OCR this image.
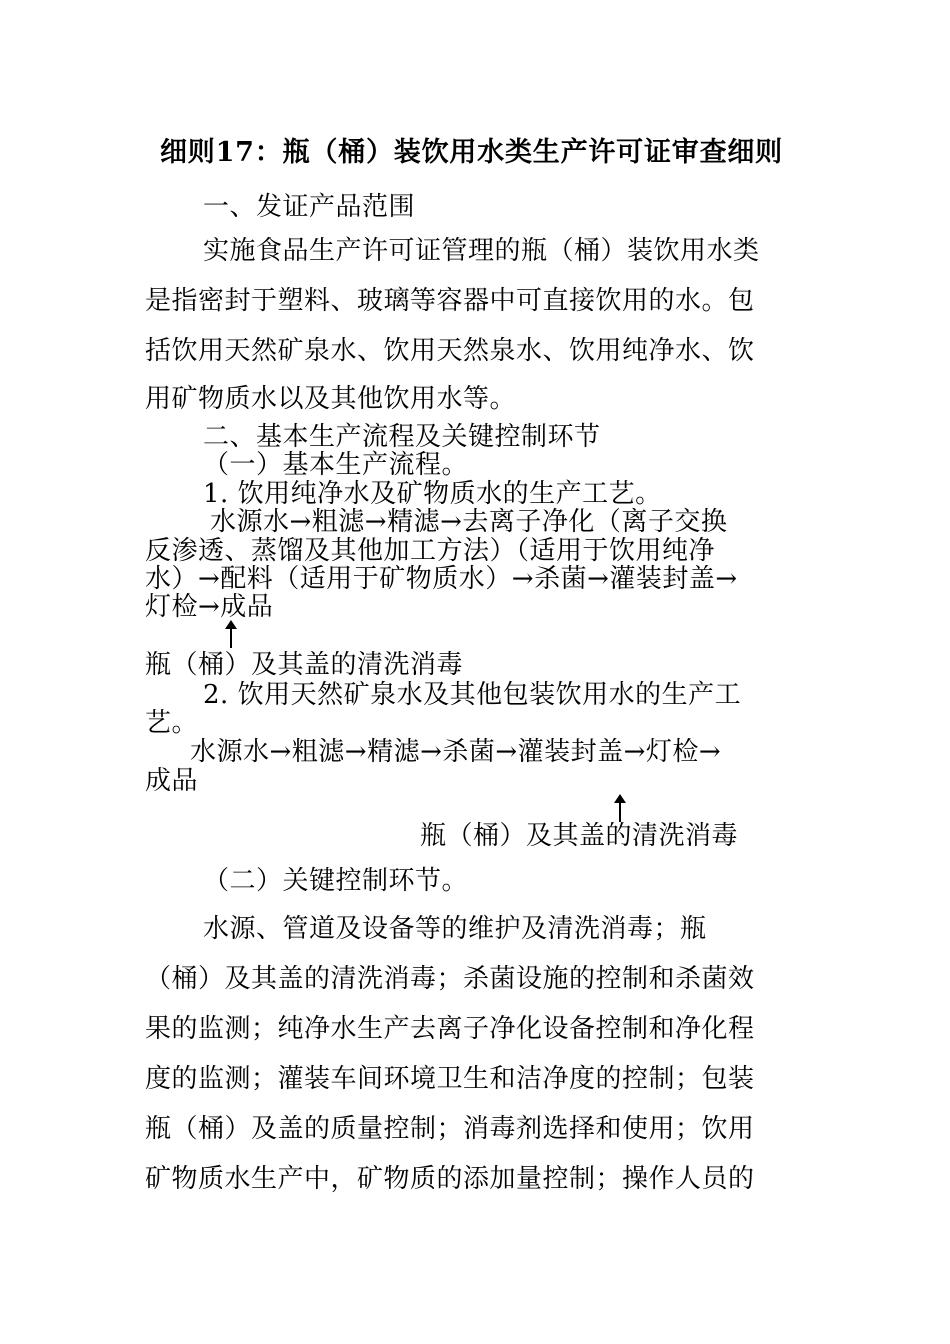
细则17：瓶（桶）装饮用水类生产许可证审查细则
一、发证产品范围
实施食品生产许可证管理的瓶（桶）装饮用水类
是指密封于塑料、玻璃等容器中可直接饮用的水。包
括饮用天然矿泉水、饮用天然泉水、饮用纯净水、饮
用矿物质水以及其他饮用水等。
二、基本生产流程及关键控制环节
（一）基本生产流程。
1. 饮用纯净水及矿物质水的生产工艺。
水源水→粗滤→精滤→去离子净化（离子交换
反渗透、蒸馏及其他加工方法）（适用于饮用纯净
水）→配料（适用于矿物质水）→杀菌→灌装封盖→
灯检→成品
瓶（桶）及其盖的清洗消毒
2. 饮用天然矿泉水及其他包装饮用水的生产工
艺。
水源水→粗滤→精滤→杀菌→灌装封盖→灯检→
成品
瓶（桶）及其盖的清洗消毒
（二）关键控制环节。
水源、管道及设备等的维护及清洗消毒；瓶
（桶）及其盖的清洗消毒；杀菌设施的控制和杀菌效
果的监测；纯净水生产去离子净化设备控制和净化程
度的监测；灌装车间环境卫生和洁净度的控制；包装
瓶（桶）及盖的质量控制；消毒剂选择和使用；饮用
矿物质水生产中，矿物质的添加量控制；操作人员的
